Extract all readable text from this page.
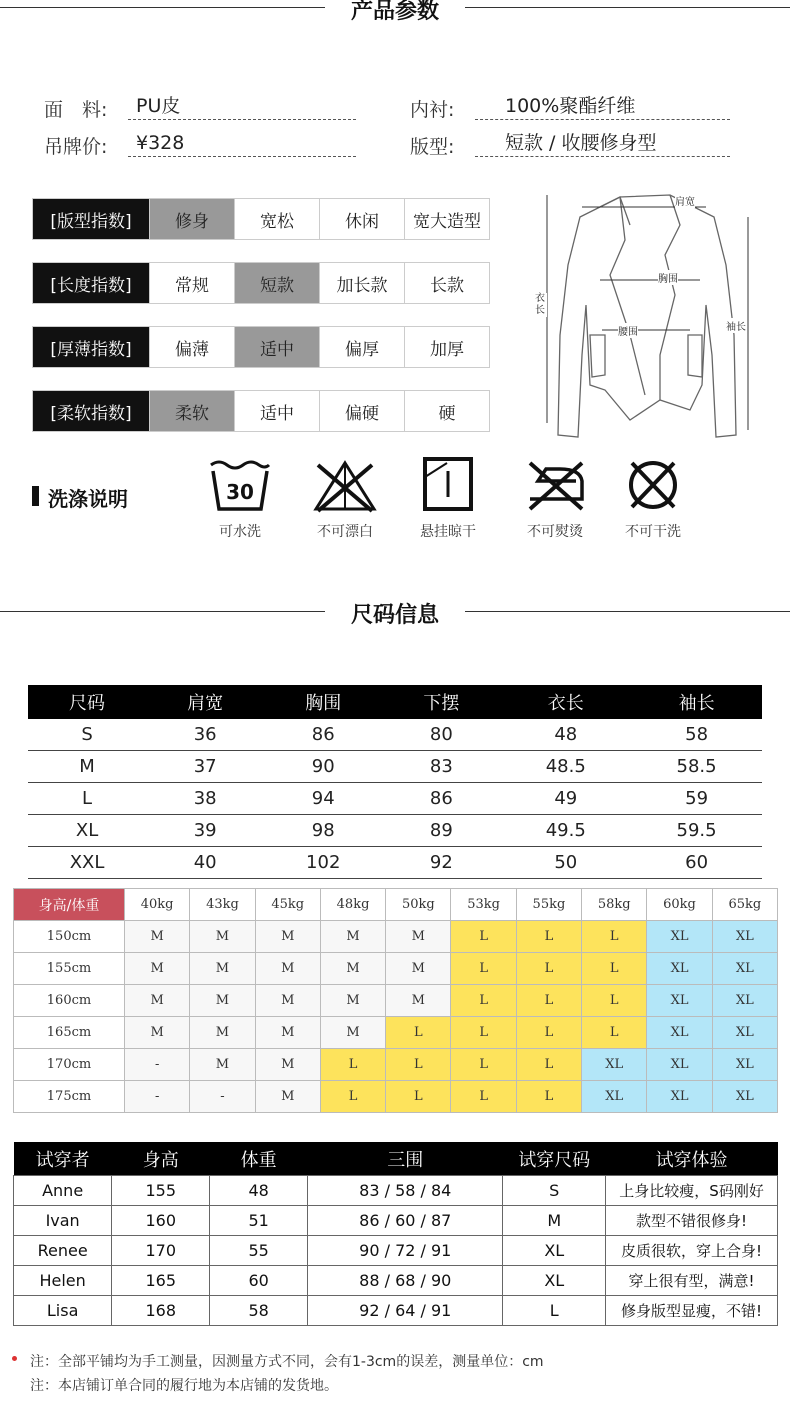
产品参数
面　料:	PU皮	内衬:	100%聚酯纤维
吊牌价:	¥328	版型:	短款 / 收腰修身型
[版型指数]	修身	宽松	休闲	宽大造型
[长度指数]	常规	短款	加长款	长款
[厚薄指数]	偏薄	适中	偏厚	加厚
[柔软指数]	柔软	适中	偏硬	硬
肩宽
胸围
腰围
衣长
袖长
洗涤说明	30
可水洗	不可漂白	悬挂晾干	不可熨烫	不可干洗
尺码信息
尺码	肩宽	胸围	下摆	衣长	袖长
S	36	86	80	48	58
M	37	90	83	48.5	58.5
L	38	94	86	49	59
XL	39	98	89	49.5	59.5
XXL	40	102	92	50	60
身高/体重	40kg	43kg	45kg	48kg	50kg	53kg	55kg	58kg	60kg	65kg
150cm	M	M	M	M	M	L	L	L	XL	XL
155cm	M	M	M	M	M	L	L	L	XL	XL
160cm	M	M	M	M	M	L	L	L	XL	XL
165cm	M	M	M	M	L	L	L	L	XL	XL
170cm	-	M	M	L	L	L	L	XL	XL	XL
175cm	-	-	M	L	L	L	L	XL	XL	XL
试穿者	身高	体重	三围	试穿尺码	试穿体验
Anne	155	48	83 / 58 / 84	S	上身比较瘦，S码刚好
Ivan	160	51	86 / 60 / 87	M	款型不错很修身!
Renee	170	55	90 / 72 / 91	XL	皮质很软，穿上合身!
Helen	165	60	88 / 68 / 90	XL	穿上很有型，满意!
Lisa	168	58	92 / 64 / 91	L	修身版型显瘦，不错!
注：全部平铺均为手工测量，因测量方式不同，会有1-3cm的误差，测量单位：cm
注：本店铺订单合同的履行地为本店铺的发货地。
